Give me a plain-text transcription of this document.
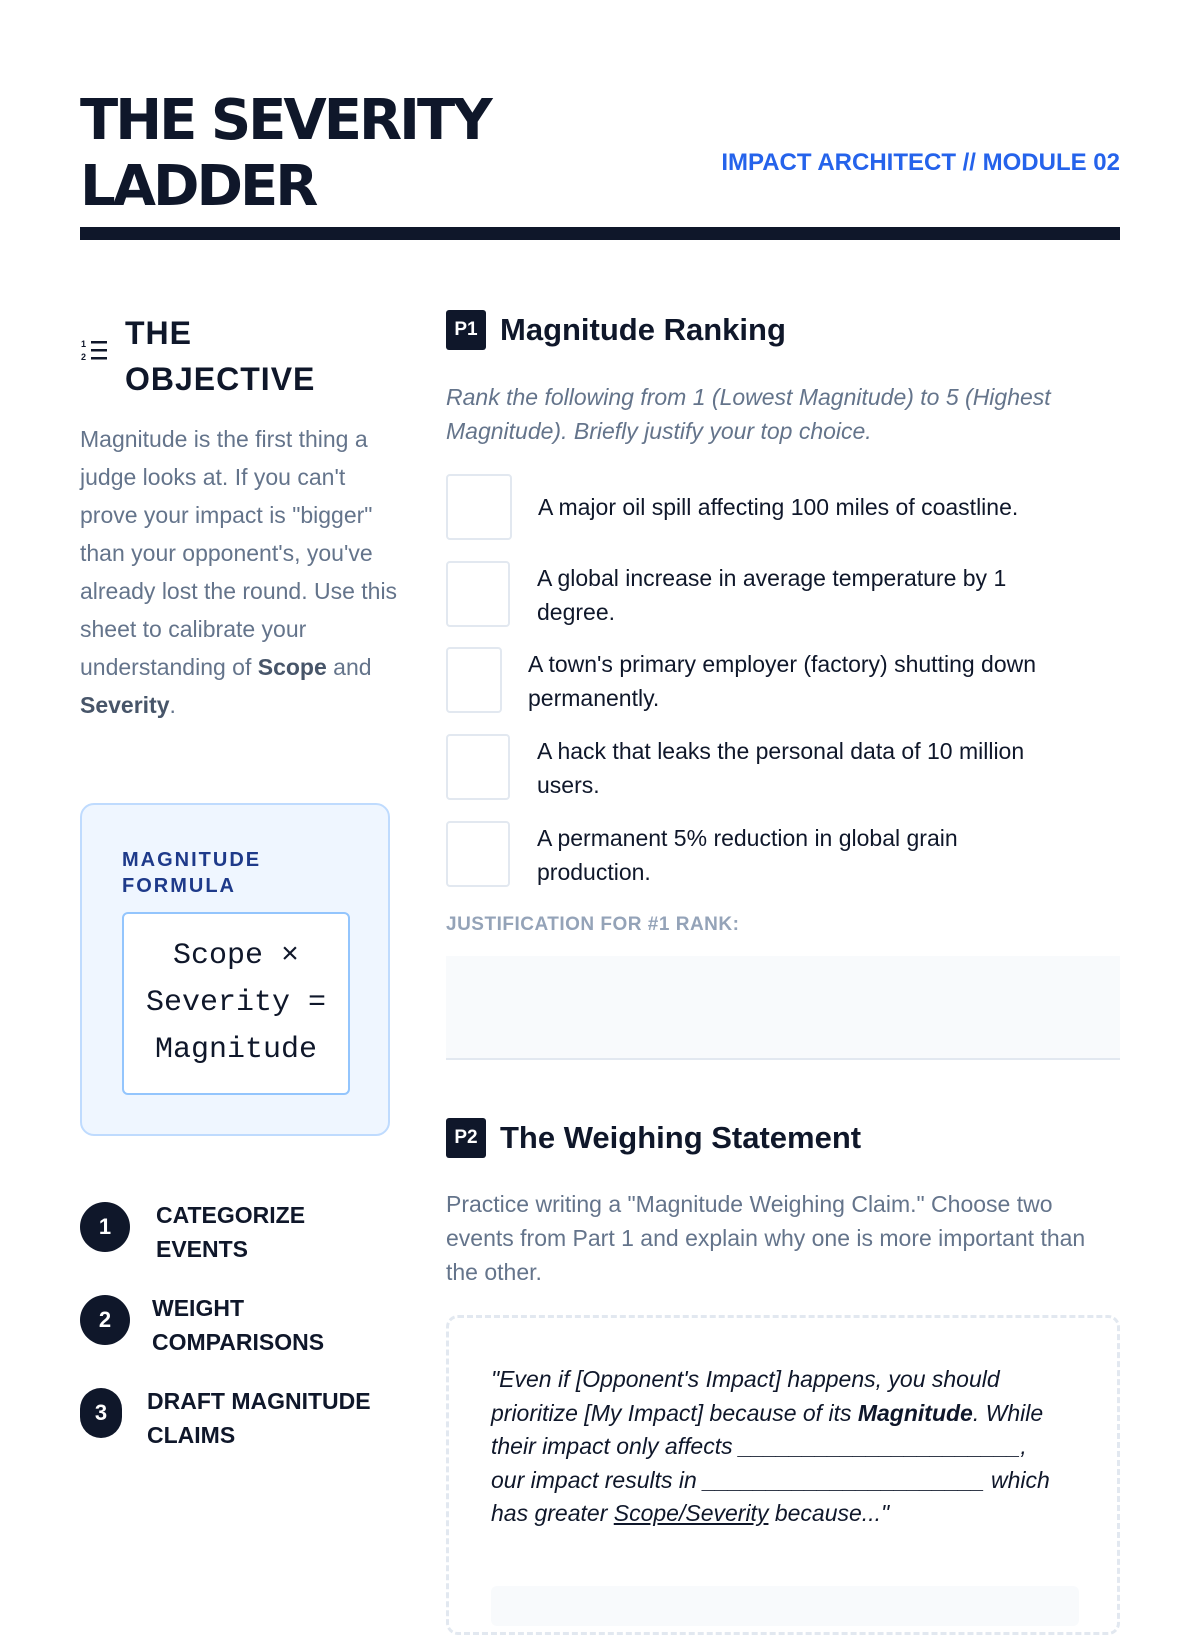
THE SEVERITY
LADDER	IMPACT ARCHITECT // MODULE 02
1
2
THE
OBJECTIVE

Magnitude is the first thing a judge looks at. If you can't prove your impact is "bigger" than your opponent's, you've already lost the round. Use this sheet to calibrate your understanding of Scope and Severity.

MAGNITUDE
FORMULA
Scope ×
Severity =
Magnitude
1	CATEGORIZE
EVENTS
2	WEIGHT
COMPARISONS
3	DRAFT MAGNITUDE
CLAIMS
P1 Magnitude Ranking

Rank the following from 1 (Lowest Magnitude) to 5 (Highest Magnitude). Briefly justify your top choice.

A major oil spill affecting 100 miles of coastline.
A global increase in average temperature by 1 degree.
A town's primary employer (factory) shutting down permanently.
A hack that leaks the personal data of 10 million users.
A permanent 5% reduction in global grain production.
JUSTIFICATION FOR #1 RANK:
P2 The Weighing Statement

Practice writing a "Magnitude Weighing Claim." Choose two events from Part 1 and explain why one is more important than the other.

"Even if [Opponent's Impact] happens, you should prioritize [My Impact] because of its Magnitude. While their impact only affects ______________________, our impact results in ______________________ which has greater Scope/Severity because..."
